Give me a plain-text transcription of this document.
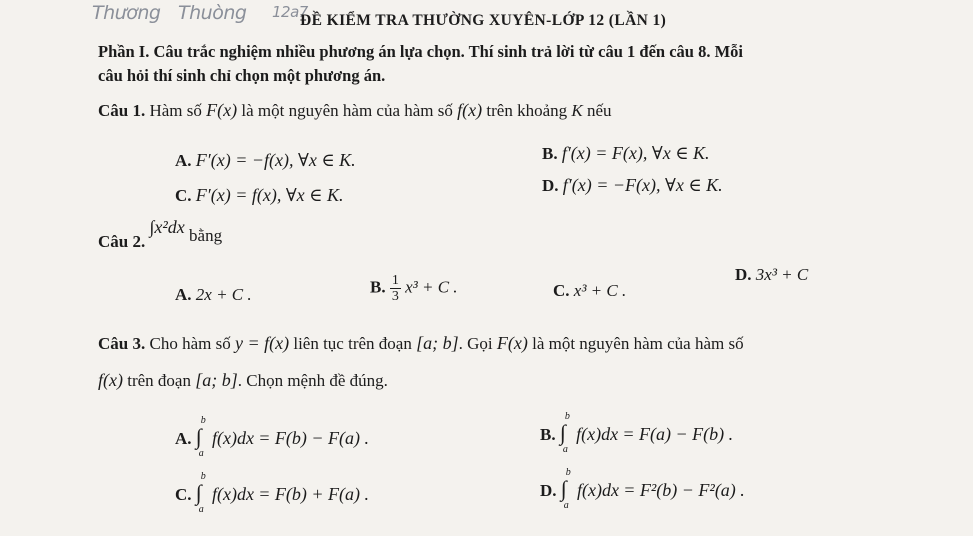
Thương Thuòng 12a7
ĐỀ KIỂM TRA THƯỜNG XUYÊN-LỚP 12 (LẦN 1)
Phần I. Câu trắc nghiệm nhiều phương án lựa chọn. Thí sinh trả lời từ câu 1 đến câu 8. Mỗi
câu hỏi thí sinh chỉ chọn một phương án.
Câu 1. Hàm số F(x) là một nguyên hàm của hàm số f(x) trên khoảng K nếu
A. F′(x) = −f(x), ∀x ∈ K.	B. f′(x) = F(x), ∀x ∈ K.
C. F′(x) = f(x), ∀x ∈ K.	D. f′(x) = −F(x), ∀x ∈ K.
Câu 2. ∫x²dx bằng
A. 2x + C .	B. $\frac{1}{3} x^3 + C$ .	C. x³ + C .
D. 3x³ + C
Câu 3. Cho hàm số y = f(x) liên tục trên đoạn [a; b]. Gọi F(x) là một nguyên hàm của hàm số
f(x) trên đoạn [a; b]. Chọn mệnh đề đúng.
A. ∫
b
a
f(x)dx = F(b) − F(a) .	B. ∫
b
a
f(x)dx = F(a) − F(b) .
C. ∫
b
a
f(x)dx = F(b) + F(a) .	D. ∫
b
a
f(x)dx = F²(b) − F²(a) .
